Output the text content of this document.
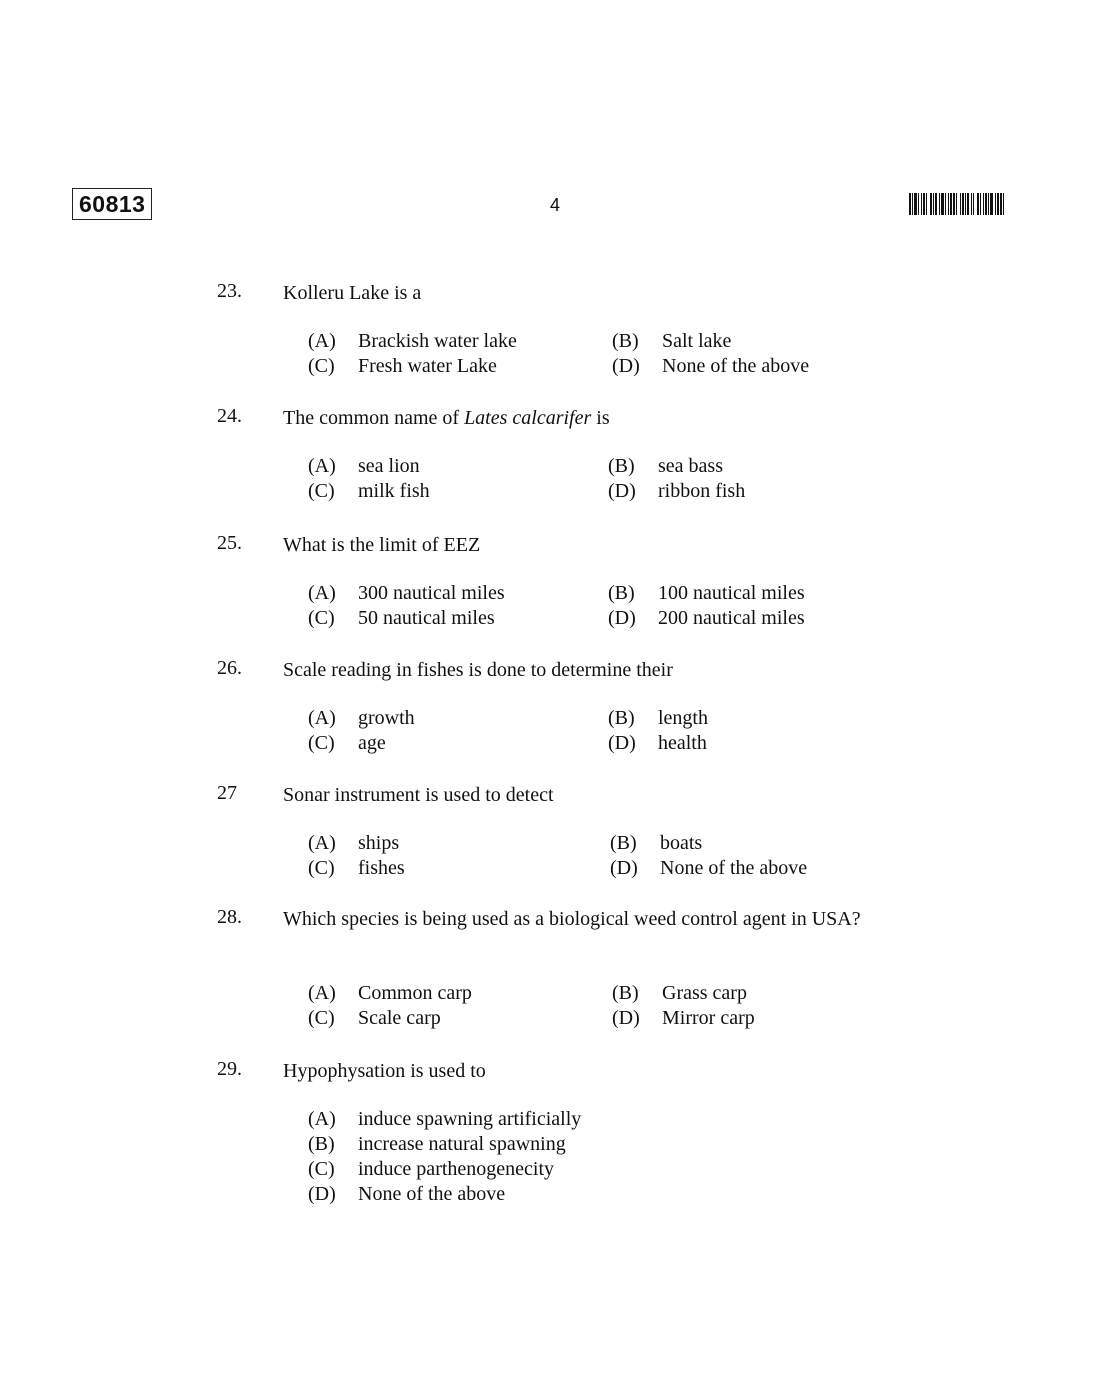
60813	4
23. Kolleru Lake is a
(A) Brackish water lake	(B) Salt lake
(C) Fresh water Lake	(D) None of the above
24. The common name of Lates calcarifer is
(A) sea lion	(B) sea bass
(C) milk fish	(D) ribbon fish
25. What is the limit of EEZ
(A) 300 nautical miles	(B) 100 nautical miles
(C) 50 nautical miles	(D) 200 nautical miles
26. Scale reading in fishes is done to determine their
(A) growth	(B) length
(C) age	(D) health
27 Sonar instrument is used to detect
(A) ships	(B) boats
(C) fishes	(D) None of the above
28. Which species is being used as a biological weed control agent in USA?
(A) Common carp	(B) Grass carp
(C) Scale carp	(D) Mirror carp
29. Hypophysation is used to
(A) induce spawning artificially
(B) increase natural spawning
(C) induce parthenogenecity
(D) None of the above
